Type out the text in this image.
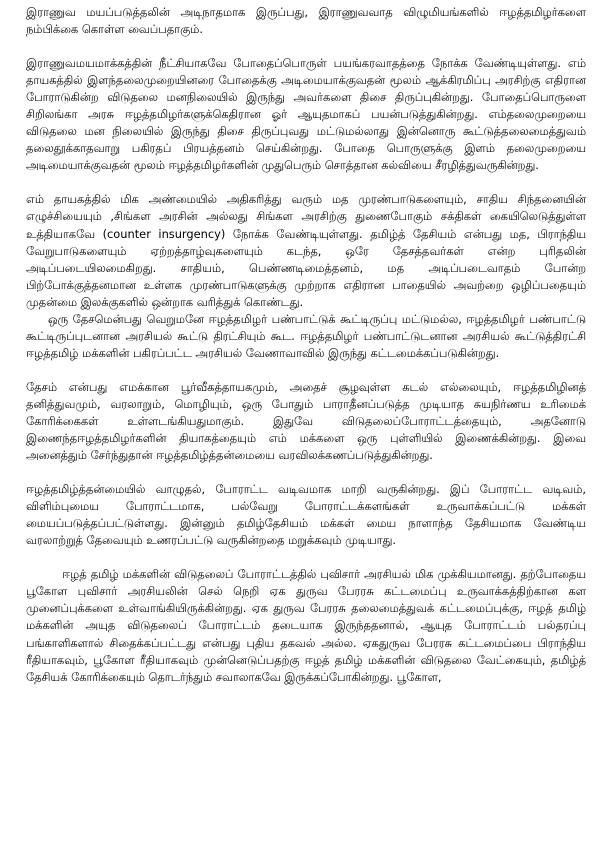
இராணுவ மயப்படுத்தலின் அடிநாதமாக இருப்பது, இராணுவவாத விழுமியங்களில் ஈழத்தமிழர்களை நம்பிக்கை கொள்ள வைப்பதாகும்.

இராணுவமயமாக்கத்தின் நீட்சியாகவே போதைப்பொருள் பயங்கரவாதத்தை நோக்க வேண்டியுள்ளது. எம் தாயகத்தில் இளந்தலைமுறையினரை போதைக்கு அடிமையாக்குவதன் மூலம் ஆக்கிரமிப்பு அரசிற்கு எதிரான போராடுகின்ற விடுதலை மனநிலையில் இருந்து அவர்களை திசை திருப்புகின்றது. போதைப்பொருளை சிறிலங்கா அரசு ஈழத்தமிழர்களுக்கெதிரான ஓர் ஆயுதமாகப் பயன்படுத்துகின்றது. எம்தலைமுறையை விடுதலை மன நிலையில் இருந்து திசை திருப்புவது மட்டுமல்லாது இன்னொரு கூட்டுத்தலைமைத்துவம் தலைதூக்காதவாறு பகிரதப் பிரயத்தனம் செய்கின்றது. போதை பொருளுக்கு இளம் தலைமுறையை அடிமையாக்குவதன் மூலம் ஈழத்தமிழர்களின் முதுபெரும் சொத்தான கல்வியை சீரழித்துவருகின்றது.

எம் தாயகத்தில் மிக அண்மையில் அதிகரித்து வரும் மத முரண்பாடுகளையும், சாதிய சிந்தனையின் எழுச்சியையும் ,சிங்கள அரசின் அல்லது சிங்கள அரசிற்கு துணைபோகும் சக்திகள் கையிலெடுத்துள்ள உத்தியாகவே (counter insurgency) நோக்க வேண்டியுள்ளது. தமிழ்த் தேசியம் என்பது மத, பிராந்திய வேறுபாடுகளையும் ஏற்றத்தாழ்வுகளையும் கடந்த, ஒரே தேசத்தவர்கள் என்ற புரிதலின் அடிப்படையிலமைகிறது. சாதியம், பெண்ணடிமைத்தனம், மத அடிப்படைவாதம் போன்ற பிற்போக்குத்தனமான உள்ளக முரண்பாடுகளுக்கு முற்றாக எதிரான பாதையில் அவற்றை ஒழிப்பதையும் முதன்மை இலக்குகளில் ஒன்றாக வரித்துக் கொண்டது.

ஒரு தேசமென்பது வெறுமனே ஈழத்தமிழர் பண்பாட்டுக் கூட்டிருப்பு மட்டுமல்ல, ஈழத்தமிழர் பண்பாட்டு கூட்டிருப்புடனான அரசியல் கூட்டு திரட்சியும் கூட. ஈழத்தமிழர் பண்பாட்டுடனான அரசியல் கூட்டுத்திரட்சி ஈழத்தமிழ் மக்களின் பகிரப்பட்ட அரசியல் வேணாவாவில் இருந்து கட்டமைக்கப்படுகின்றது.

தேசம் என்பது எமக்கான பூர்வீகத்தாயகமும், அதைச் சூழவுள்ள கடல் எல்லையும், ஈழத்தமிழினத் தனித்துவமும், வரலாறும், மொழியும், ஒரு போதும் பாராதீனப்படுத்த முடியாத சுயநிர்ணய உரிமைக் கோரிக்கைகள் உள்ளடங்கியதுமாகும். இதுவே விடுதலைப்போராட்டத்தையும், அதனோடு இணைந்தஈழத்தமிழர்களின் தியாகத்தையும் எம் மக்களை ஒரு புள்ளியில் இணைக்கின்றது. இவை அனைத்தும் சேர்ந்துதான் ஈழத்தமிழ்த்தன்மையை வரவிலக்கணப்படுத்துகின்றது.

ஈழத்தமிழ்த்தன்மையில் வாழுதல், போராட்ட வடிவமாக மாறி வருகின்றது. இப் போராட்ட வடிவம், விளிம்புமைய போராட்டமாக, பல்வேறு போராட்டக்களங்கள் உருவாக்கப்பட்டு மக்கள் மையப்படுத்தப்பட்டுள்ளது. இன்னும் தமிழ்தேசியம் மக்கள் மைய நாளாந்த தேசியமாக வேண்டிய வரலாற்றுத் தேவையும் உணரப்பட்டு வருகின்றதை மறுக்கவும் முடியாது.

ஈழத் தமிழ் மக்களின் விடுதலைப் போராட்டத்தில் புவிசார் அரசியல் மிக முக்கியமானது. தற்போதைய பூகோள புவிசார் அரசியலின் செல் நெறி ஏக துருவ பேரரசு கட்டமைப்பு உருவாக்கத்திற்கான கள முனைப்புக்களை உள்வாங்கியிருக்கின்றது. ஏக துருவ பேரரசு தலைமைத்துவக் கட்டமைப்புக்கு, ஈழத் தமிழ் மக்களின் அயுத விடுதலைப் போராட்டம் தடையாக இருந்ததனால், ஆயுத போராட்டம் பல்தரப்பு பங்காளிகளால் சிதைக்கப்பட்டது என்பது புதிய தகவல் அல்ல. ஏகதுருவ பேரரசு கட்டமைப்பை பிராந்திய ரீதியாகவும், பூகோள ரீதியாகவும் முன்னெடுப்பதற்கு ஈழத் தமிழ் மக்களின் விடுதலை வேட்கையும், தமிழ்த் தேசியக் கோரிக்கையும் தொடர்ந்தும் சவாலாகவே இருக்கப்போகின்றது. பூகோள,
